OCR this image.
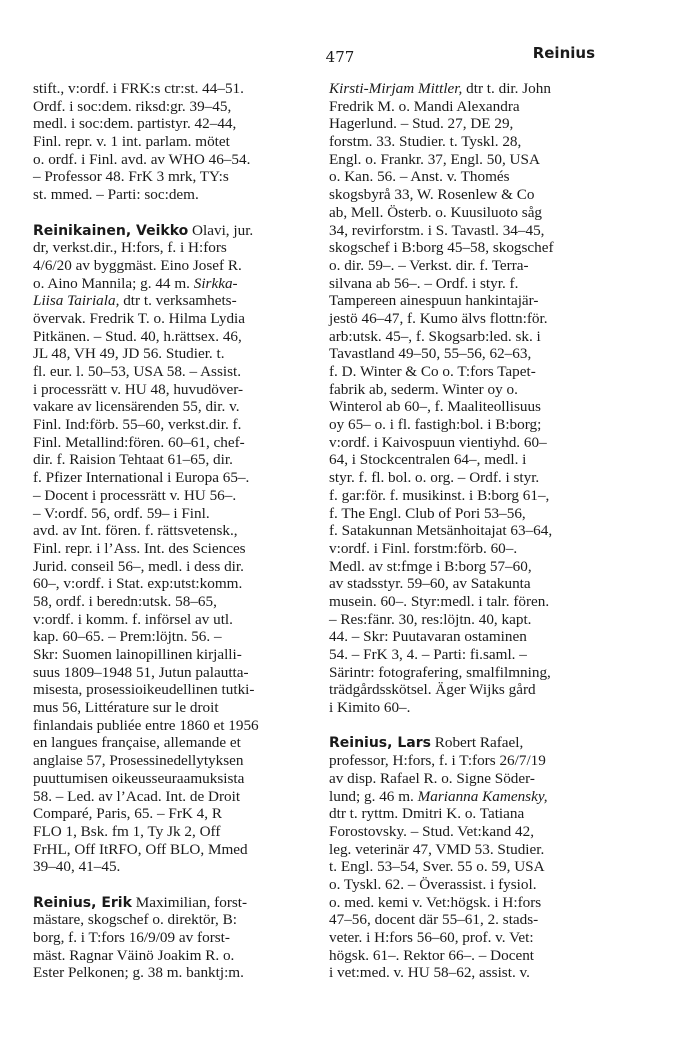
477	Reinius
stift., v:ordf. i FRK:s ctr:st. 44–51.
Ordf. i soc:dem. riksd:gr. 39–45,
medl. i soc:dem. partistyr. 42–44,
Finl. repr. v. 1 int. parlam. mötet
o. ordf. i Finl. avd. av WHO 46–54.
– Professor 48. FrK 3 mrk, TY:s
st. mmed. – Parti: soc:dem.
Reinikainen, Veikko Olavi, jur.
dr, verkst.dir., H:fors, f. i H:fors
4/6/20 av byggmäst. Eino Josef R.
o. Aino Mannila; g. 44 m. Sirkka-
Liisa Tairiala, dtr t. verksamhets-
övervak. Fredrik T. o. Hilma Lydia
Pitkänen. – Stud. 40, h.rättsex. 46,
JL 48, VH 49, JD 56. Studier. t.
fl. eur. l. 50–53, USA 58. – Assist.
i processrätt v. HU 48, huvudöver-
vakare av licensärenden 55, dir. v.
Finl. Ind:förb. 55–60, verkst.dir. f.
Finl. Metallind:fören. 60–61, chef-
dir. f. Raision Tehtaat 61–65, dir.
f. Pfizer International i Europa 65–.
– Docent i processrätt v. HU 56–.
– V:ordf. 56, ordf. 59– i Finl.
avd. av Int. fören. f. rättsvetensk.,
Finl. repr. i l’Ass. Int. des Sciences
Jurid. conseil 56–, medl. i dess dir.
60–, v:ordf. i Stat. exp:utst:komm.
58, ordf. i beredn:utsk. 58–65,
v:ordf. i komm. f. införsel av utl.
kap. 60–65. – Prem:löjtn. 56. –
Skr: Suomen lainopillinen kirjalli-
suus 1809–1948 51, Jutun palautta-
misesta, prosessioikeudellinen tutki-
mus 56, Littérature sur le droit
finlandais publiée entre 1860 et 1956
en langues française, allemande et
anglaise 57, Prosessinedellytyksen
puuttumisen oikeusseuraamuksista
58. – Led. av l’Acad. Int. de Droit
Comparé, Paris, 65. – FrK 4, R
FLO 1, Bsk. fm 1, Ty Jk 2, Off
FrHL, Off ItRFO, Off BLO, Mmed
39–40, 41–45.
Reinius, Erik Maximilian, forst-
mästare, skogschef o. direktör, B:
borg, f. i T:fors 16/9/09 av forst-
mäst. Ragnar Väinö Joakim R. o.
Ester Pelkonen; g. 38 m. banktj:m.
Kirsti-Mirjam Mittler, dtr t. dir. John
Fredrik M. o. Mandi Alexandra
Hagerlund. – Stud. 27, DE 29,
forstm. 33. Studier. t. Tyskl. 28,
Engl. o. Frankr. 37, Engl. 50, USA
o. Kan. 56. – Anst. v. Thomés
skogsbyrå 33, W. Rosenlew & Co
ab, Mell. Österb. o. Kuusiluoto såg
34, revirforstm. i S. Tavastl. 34–45,
skogschef i B:borg 45–58, skogschef
o. dir. 59–. – Verkst. dir. f. Terra-
silvana ab 56–. – Ordf. i styr. f.
Tampereen ainespuun hankintajär-
jestö 46–47, f. Kumo älvs flottn:för.
arb:utsk. 45–, f. Skogsarb:led. sk. i
Tavastland 49–50, 55–56, 62–63,
f. D. Winter & Co o. T:fors Tapet-
fabrik ab, sederm. Winter oy o.
Winterol ab 60–, f. Maaliteollisuus
oy 65– o. i fl. fastigh:bol. i B:borg;
v:ordf. i Kaivospuun vientiyhd. 60–
64, i Stockcentralen 64–, medl. i
styr. f. fl. bol. o. org. – Ordf. i styr.
f. gar:för. f. musikinst. i B:borg 61–,
f. The Engl. Club of Pori 53–56,
f. Satakunnan Metsänhoitajat 63–64,
v:ordf. i Finl. forstm:förb. 60–.
Medl. av st:fmge i B:borg 57–60,
av stadsstyr. 59–60, av Satakunta
musein. 60–. Styr:medl. i talr. fören.
– Res:fänr. 30, res:löjtn. 40, kapt.
44. – Skr: Puutavaran ostaminen
54. – FrK 3, 4. – Parti: fi.saml. –
Särintr: fotografering, smalfilmning,
trädgårdsskötsel. Äger Wijks gård
i Kimito 60–.
Reinius, Lars Robert Rafael,
professor, H:fors, f. i T:fors 26/7/19
av disp. Rafael R. o. Signe Söder-
lund; g. 46 m. Marianna Kamensky,
dtr t. ryttm. Dmitri K. o. Tatiana
Forostovsky. – Stud. Vet:kand 42,
leg. veterinär 47, VMD 53. Studier.
t. Engl. 53–54, Sver. 55 o. 59, USA
o. Tyskl. 62. – Överassist. i fysiol.
o. med. kemi v. Vet:högsk. i H:fors
47–56, docent där 55–61, 2. stads-
veter. i H:fors 56–60, prof. v. Vet:
högsk. 61–. Rektor 66–. – Docent
i vet:med. v. HU 58–62, assist. v.
